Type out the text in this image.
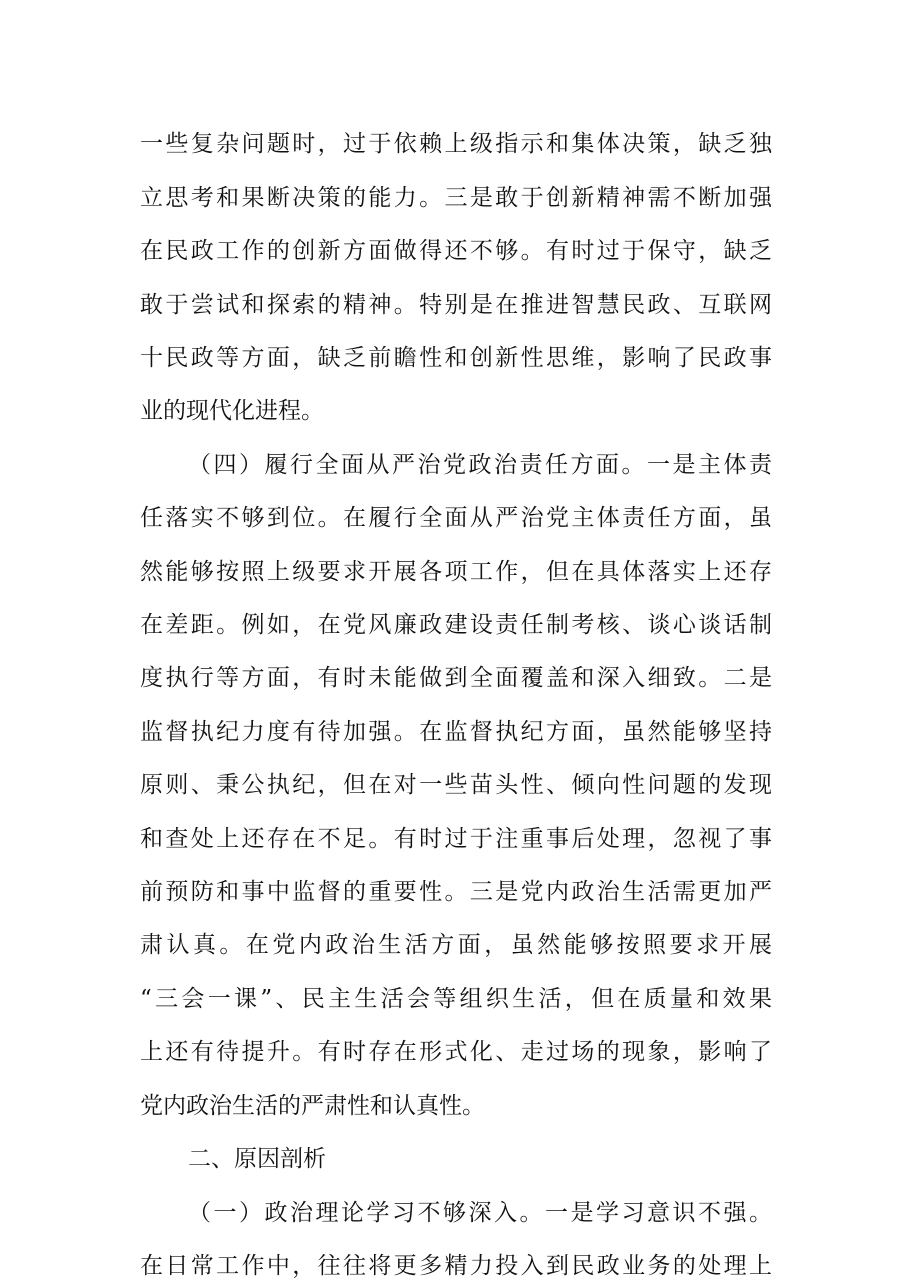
一些复杂问题时，过于依赖上级指示和集体决策，缺乏独
立思考和果断决策的能力。三是敢于创新精神需不断加强
在民政工作的创新方面做得还不够。有时过于保守，缺乏
敢于尝试和探索的精神。特别是在推进智慧民政、互联网
十民政等方面，缺乏前瞻性和创新性思维，影响了民政事
业的现代化进程。
（四）履行全面从严治党政治责任方面。一是主体责
任落实不够到位。在履行全面从严治党主体责任方面，虽
然能够按照上级要求开展各项工作，但在具体落实上还存
在差距。例如，在党风廉政建设责任制考核、谈心谈话制
度执行等方面，有时未能做到全面覆盖和深入细致。二是
监督执纪力度有待加强。在监督执纪方面，虽然能够坚持
原则、秉公执纪，但在对一些苗头性、倾向性问题的发现
和查处上还存在不足。有时过于注重事后处理，忽视了事
前预防和事中监督的重要性。三是党内政治生活需更加严
肃认真。在党内政治生活方面，虽然能够按照要求开展
“三会一课”、民主生活会等组织生活，但在质量和效果
上还有待提升。有时存在形式化、走过场的现象，影响了
党内政治生活的严肃性和认真性。
二、原因剖析
（一）政治理论学习不够深入。一是学习意识不强。
在日常工作中，往往将更多精力投入到民政业务的处理上
